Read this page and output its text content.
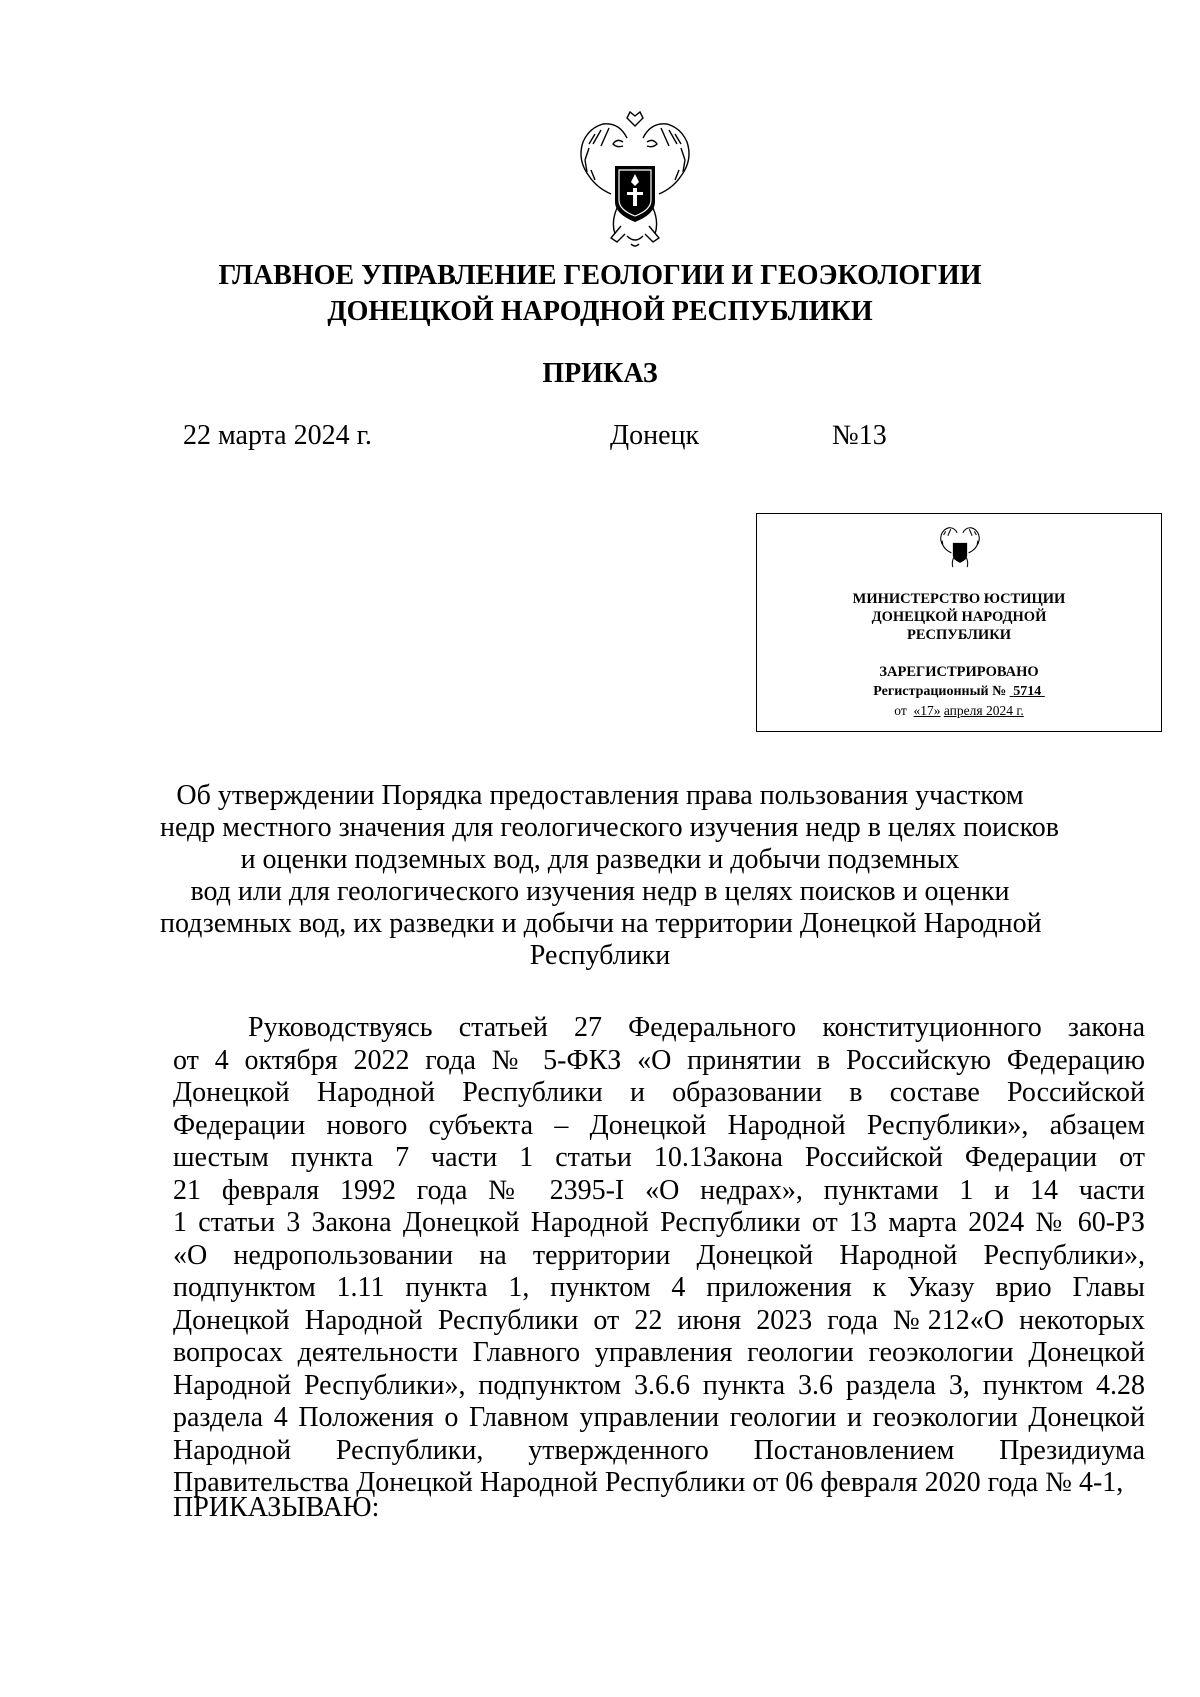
ГЛАВНОЕ УПРАВЛЕНИЕ ГЕОЛОГИИ И ГЕОЭКОЛОГИИ
ДОНЕЦКОЙ НАРОДНОЙ РЕСПУБЛИКИ
ПРИКАЗ
22 марта 2024 г.	Донецк	№13
МИНИСТЕРСТВО ЮСТИЦИИ
ДОНЕЦКОЙ НАРОДНОЙ
РЕСПУБЛИКИ
ЗАРЕГИСТРИРОВАНО
Регистрационный № 5714
от «17» апреля 2024 г.
Об утверждении Порядка предоставления права пользования участком
недр местного значения для геологического изучения недр в целях поисков
и оценки подземных вод, для разведки и добычи подземных
вод или для геологического изучения недр в целях поисков и оценки
подземных вод, их разведки и добычи на территории Донецкой Народной
Республики
Руководствуясь статьей 27 Федерального конституционного закона
от 4 октября 2022 года № 5-ФКЗ «О принятии в Российскую Федерацию
Донецкой Народной Республики и образовании в составе Российской
Федерации нового субъекта – Донецкой Народной Республики», абзацем
шестым пункта 7 части 1 статьи 10.1Закона Российской Федерации от
21 февраля 1992 года № 2395-I «О недрах», пунктами 1 и 14 части
1 статьи 3 Закона Донецкой Народной Республики от 13 марта 2024 № 60-РЗ
«О недропользовании на территории Донецкой Народной Республики»,
подпунктом 1.11 пункта 1, пунктом 4 приложения к Указу врио Главы
Донецкой Народной Республики от 22 июня 2023 года №212«О некоторых
вопросах деятельности Главного управления геологии геоэкологии Донецкой
Народной Республики», подпунктом 3.6.6 пункта 3.6 раздела 3, пунктом 4.28
раздела 4 Положения о Главном управлении геологии и геоэкологии Донецкой
Народной Республики, утвержденного Постановлением Президиума
Правительства Донецкой Народной Республики от 06 февраля 2020 года № 4-1,
ПРИКАЗЫВАЮ:
